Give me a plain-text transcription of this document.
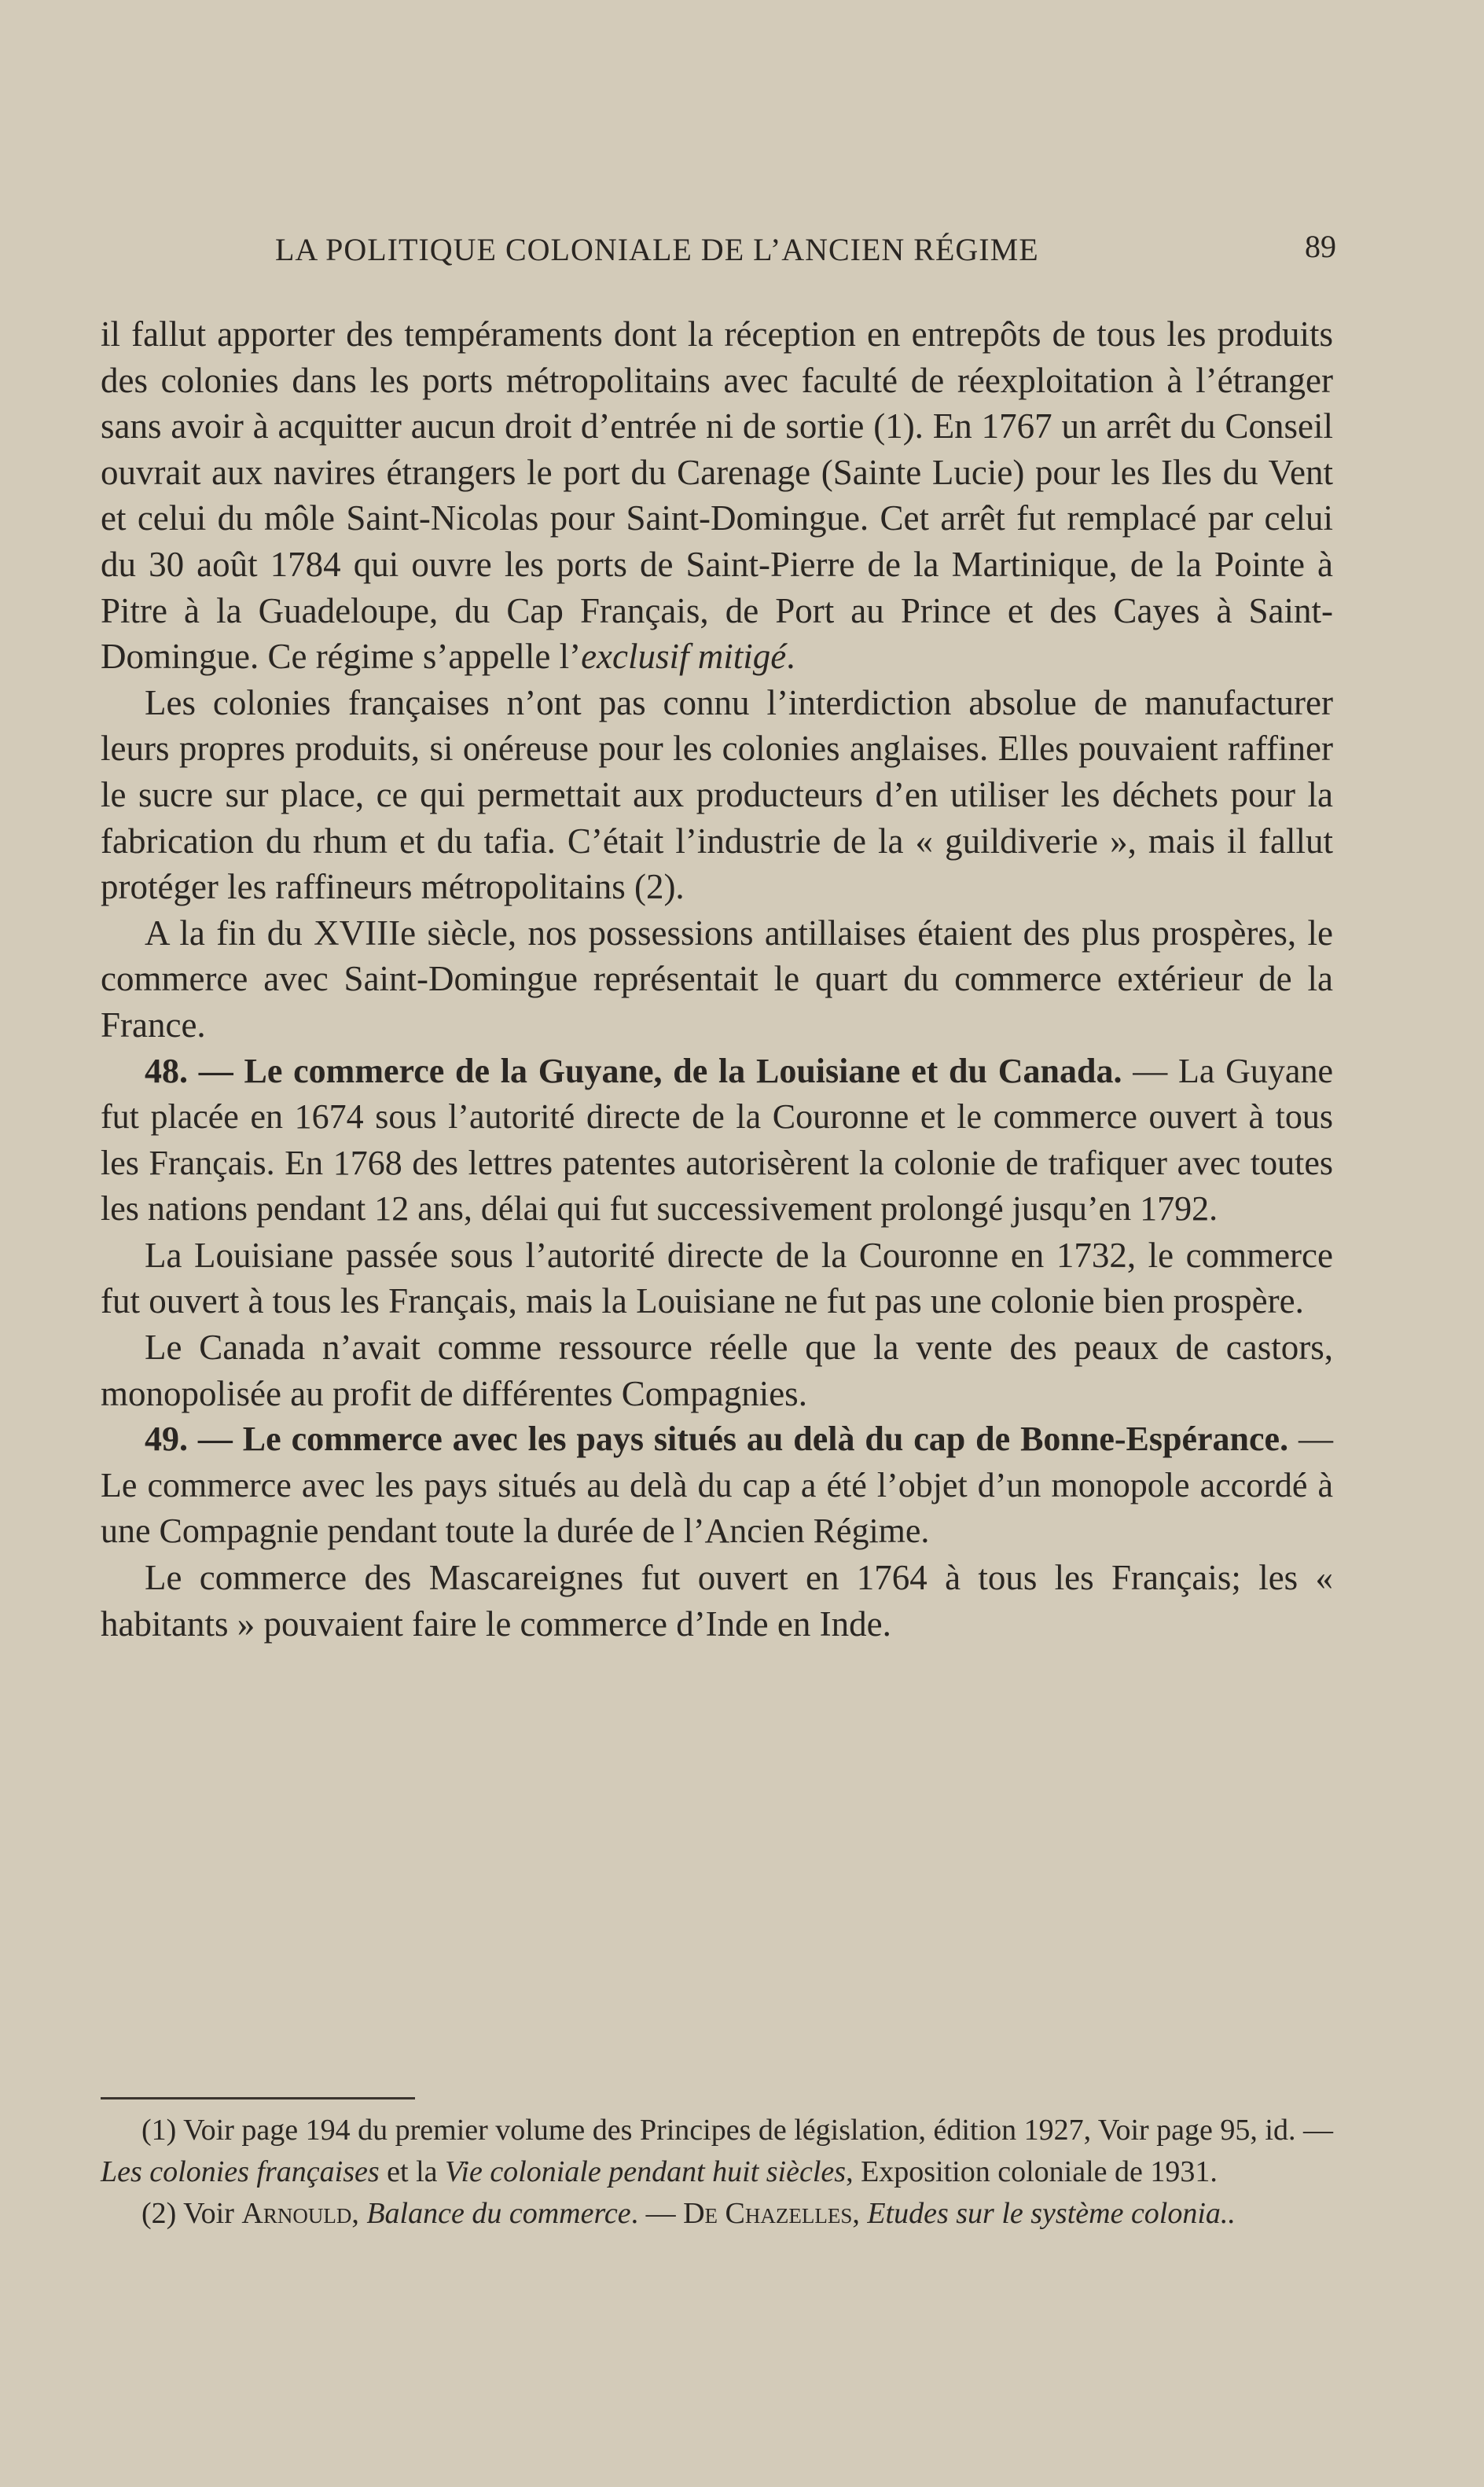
LA POLITIQUE COLONIALE DE L’ANCIEN RÉGIME	89

il fallut apporter des tempéraments dont la réception en entrepôts de tous les produits des colonies dans les ports métropolitains avec faculté de réexploitation à l’étranger sans avoir à acquitter aucun droit d’entrée ni de sortie (1). En 1767 un arrêt du Conseil ouvrait aux navires étrangers le port du Carenage (Sainte Lucie) pour les Iles du Vent et celui du môle Saint-Nicolas pour Saint-Domingue. Cet arrêt fut remplacé par celui du 30 août 1784 qui ouvre les ports de Saint-Pierre de la Martinique, de la Pointe à Pitre à la Guadeloupe, du Cap Français, de Port au Prince et des Cayes à Saint-Domingue. Ce régime s’appelle l’exclusif mitigé.

Les colonies françaises n’ont pas connu l’interdiction absolue de manufacturer leurs propres produits, si onéreuse pour les colonies anglaises. Elles pouvaient raffiner le sucre sur place, ce qui permettait aux producteurs d’en utiliser les déchets pour la fabrication du rhum et du tafia. C’était l’industrie de la « guildiverie », mais il fallut protéger les raffineurs métropolitains (2).

A la fin du XVIIIe siècle, nos possessions antillaises étaient des plus prospères, le commerce avec Saint-Domingue représentait le quart du commerce extérieur de la France.

48. — Le commerce de la Guyane, de la Louisiane et du Canada. — La Guyane fut placée en 1674 sous l’autorité directe de la Couronne et le commerce ouvert à tous les Français. En 1768 des lettres patentes autorisèrent la colonie de trafiquer avec toutes les nations pendant 12 ans, délai qui fut successivement prolongé jusqu’en 1792.

La Louisiane passée sous l’autorité directe de la Couronne en 1732, le commerce fut ouvert à tous les Français, mais la Louisiane ne fut pas une colonie bien prospère.

Le Canada n’avait comme ressource réelle que la vente des peaux de castors, monopolisée au profit de différentes Compagnies.

49. — Le commerce avec les pays situés au delà du cap de Bonne-Espérance. — Le commerce avec les pays situés au delà du cap a été l’objet d’un monopole accordé à une Compagnie pendant toute la durée de l’Ancien Régime.

Le commerce des Mascareignes fut ouvert en 1764 à tous les Français; les « habitants » pouvaient faire le commerce d’Inde en Inde.

(1) Voir page 194 du premier volume des Principes de législation, édition 1927, Voir page 95, id. — Les colonies françaises et la Vie coloniale pendant huit siècles, Exposition coloniale de 1931.

(2) Voir Arnould, Balance du commerce. — De Chazelles, Etudes sur le système colonia..
